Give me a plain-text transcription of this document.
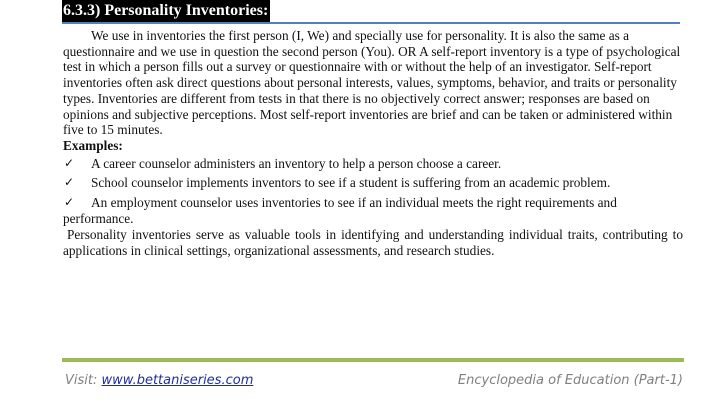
6.3.3) Personality Inventories:

We use in inventories the first person (I, We) and specially use for personality. It is also the same as a questionnaire and we use in question the second person (You). OR A self-report inventory is a type of psychological test in which a person fills out a survey or questionnaire with or without the help of an investigator. Self-report inventories often ask direct questions about personal interests, values, symptoms, behavior, and traits or personality types. Inventories are different from tests in that there is no objectively correct answer; responses are based on opinions and subjective perceptions. Most self-report inventories are brief and can be taken or administered within five to 15 minutes.

Examples:

✓ A career counselor administers an inventory to help a person choose a career.
✓ School counselor implements inventors to see if a student is suffering from an academic problem.
✓ An employment counselor uses inventories to see if an individual meets the right requirements and performance.

Personality inventories serve as valuable tools in identifying and understanding individual traits, contributing to applications in clinical settings, organizational assessments, and research studies.

Visit: www.bettaniseries.com	Encyclopedia of Education (Part-1)
